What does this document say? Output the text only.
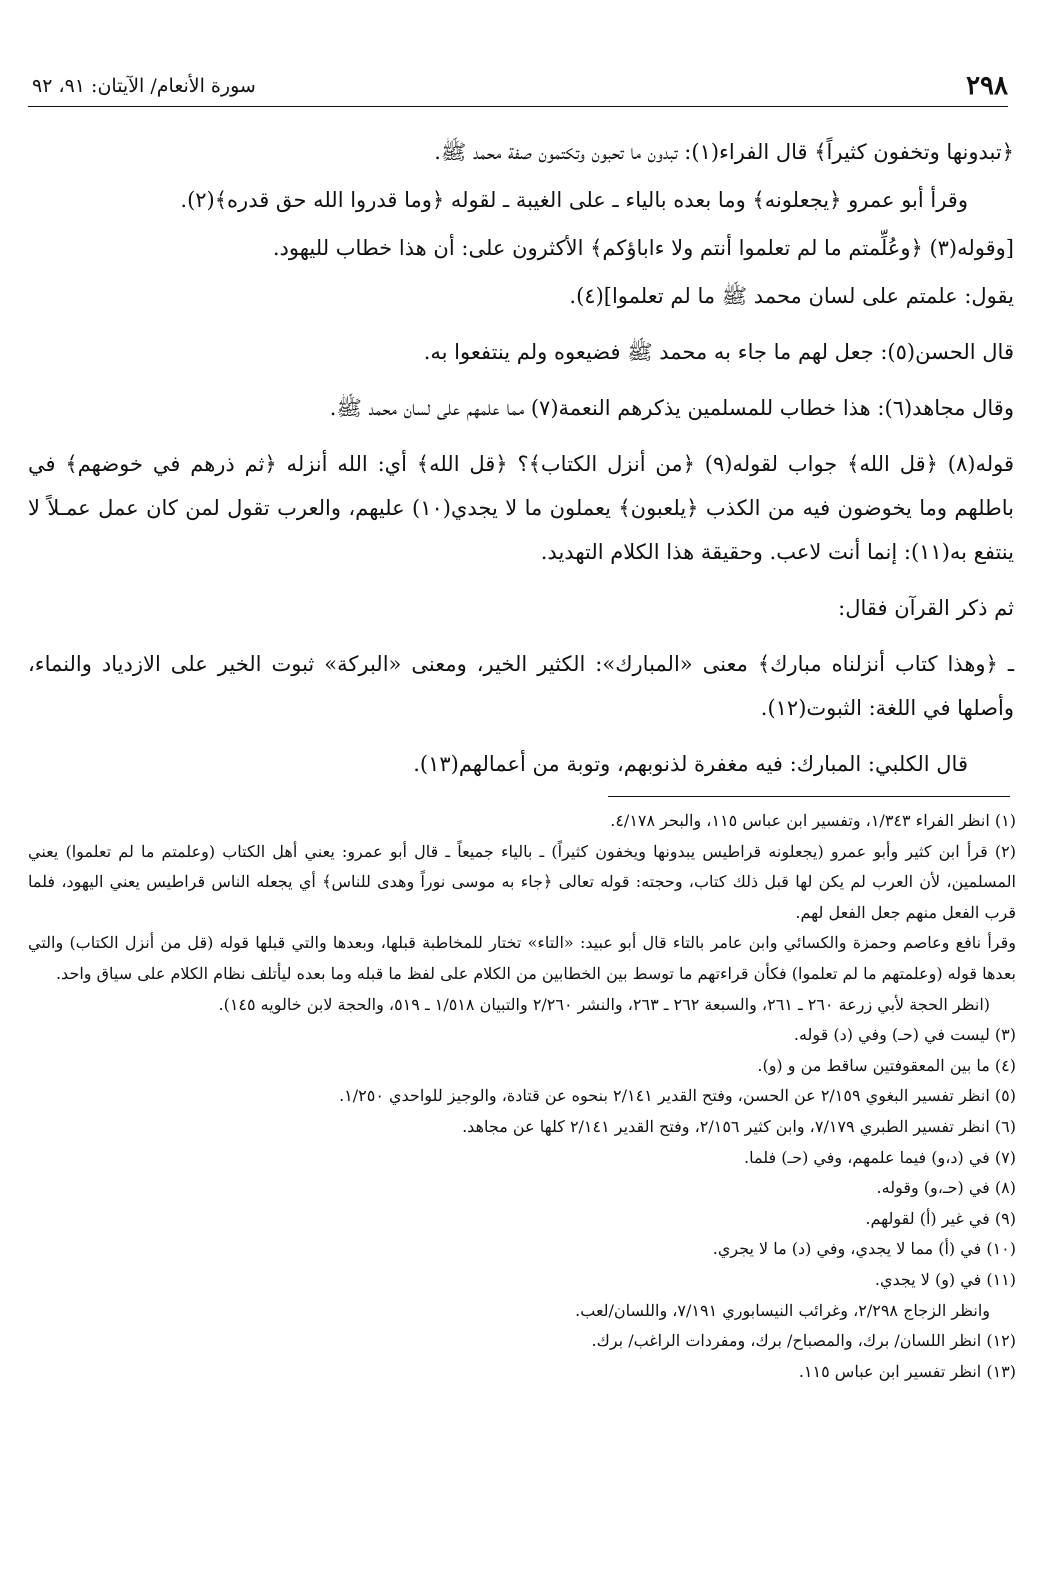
٢٩٨
سورة الأنعام/ الآيتان: ٩١، ٩٢

﴿تبدونها وتخفون كثيراً﴾ قال الفراء(١): تبدون ما تحبون وتكتمون صفة محمد ﷺ.

وقرأ أبو عمرو ﴿يجعلونه﴾ وما بعده بالياء ـ على الغيبة ـ لقوله ﴿وما قدروا الله حق قدره﴾(٢).

[وقوله(٣) ﴿وعُلِّمتم ما لم تعلموا أنتم ولا ءاباؤكم﴾ الأكثرون على: أن هذا خطاب لليهود.

يقول: علمتم على لسان محمد ﷺ ما لم تعلموا](٤).

قال الحسن(٥): جعل لهم ما جاء به محمد ﷺ فضيعوه ولم ينتفعوا به.

وقال مجاهد(٦): هذا خطاب للمسلمين يذكرهم النعمة(٧) مما علمهم على لسان محمد ﷺ.

قوله(٨) ﴿قل الله﴾ جواب لقوله(٩) ﴿من أنزل الكتاب﴾؟ ﴿قل الله﴾ أي: الله أنزله ﴿ثم ذرهم في خوضهم﴾ في باطلهم وما يخوضون فيه من الكذب ﴿يلعبون﴾ يعملون ما لا يجدي(١٠) عليهم، والعرب تقول لمن كان عمل عمـلاً لا ينتفع به(١١): إنما أنت لاعب. وحقيقة هذا الكلام التهديد.

ثم ذكر القرآن فقال:

ـ ﴿وهذا كتاب أنزلناه مبارك﴾ معنى «المبارك»: الكثير الخير، ومعنى «البركة» ثبوت الخير على الازدياد والنماء، وأصلها في اللغة: الثبوت(١٢).

قال الكلبي: المبارك: فيه مغفرة لذنوبهم، وتوبة من أعمالهم(١٣).

(١) انظر الفراء ١/٣٤٣، وتفسير ابن عباس ١١٥، والبحر ٤/١٧٨.

(٢) قرأ ابن كثير وأبو عمرو (يجعلونه قراطيس يبدونها ويخفون كثيراً) ـ بالياء جميعاً ـ قال أبو عمرو: يعني أهل الكتاب (وعلمتم ما لم تعلموا) يعني المسلمين، لأن العرب لم يكن لها قبل ذلك كتاب، وحجته: قوله تعالى ﴿جاء به موسى نوراً وهدى للناس﴾ أي يجعله الناس قراطيس يعني اليهود، فلما قرب الفعل منهم جعل الفعل لهم.

وقرأ نافع وعاصم وحمزة والكسائي وابن عامر بالتاء قال أبو عبيد: «التاء» تختار للمخاطبة قبلها، وبعدها والتي قبلها قوله (قل من أنزل الكتاب) والتي بعدها قوله (وعلمتهم ما لم تعلموا) فكأن قراءتهم ما توسط بين الخطابين من الكلام على لفظ ما قبله وما بعده ليأتلف نظام الكلام على سياق واحد.

(انظر الحجة لأبي زرعة ٢٦٠ ـ ٢٦١، والسبعة ٢٦٢ ـ ٢٦٣، والنشر ٢/٢٦٠ والتبيان ١/٥١٨ ـ ٥١٩، والحجة لابن خالويه ١٤٥).

(٣) ليست في (حـ) وفي (د) قوله.

(٤) ما بين المعقوفتين ساقط من و (و).

(٥) انظر تفسير البغوي ٢/١٥٩ عن الحسن، وفتح القدير ٢/١٤١ بنحوه عن قتادة، والوجيز للواحدي ١/٢٥٠.

(٦) انظر تفسير الطبري ٧/١٧٩، وابن كثير ٢/١٥٦، وفتح القدير ٢/١٤١ كلها عن مجاهد.

(٧) في (د،و) فيما علمهم، وفي (حـ) فلما.

(٨) في (حـ،و) وقوله.

(٩) في غير (أ) لقولهم.

(١٠) في (أ) مما لا يجدي، وفي (د) ما لا يجري.

(١١) في (و) لا يجدي.

وانظر الزجاج ٢/٢٩٨، وغرائب النيسابوري ٧/١٩١، واللسان/لعب.

(١٢) انظر اللسان/ برك، والمصباح/ برك، ومفردات الراغب/ برك.

(١٣) انظر تفسير ابن عباس ١١٥.
